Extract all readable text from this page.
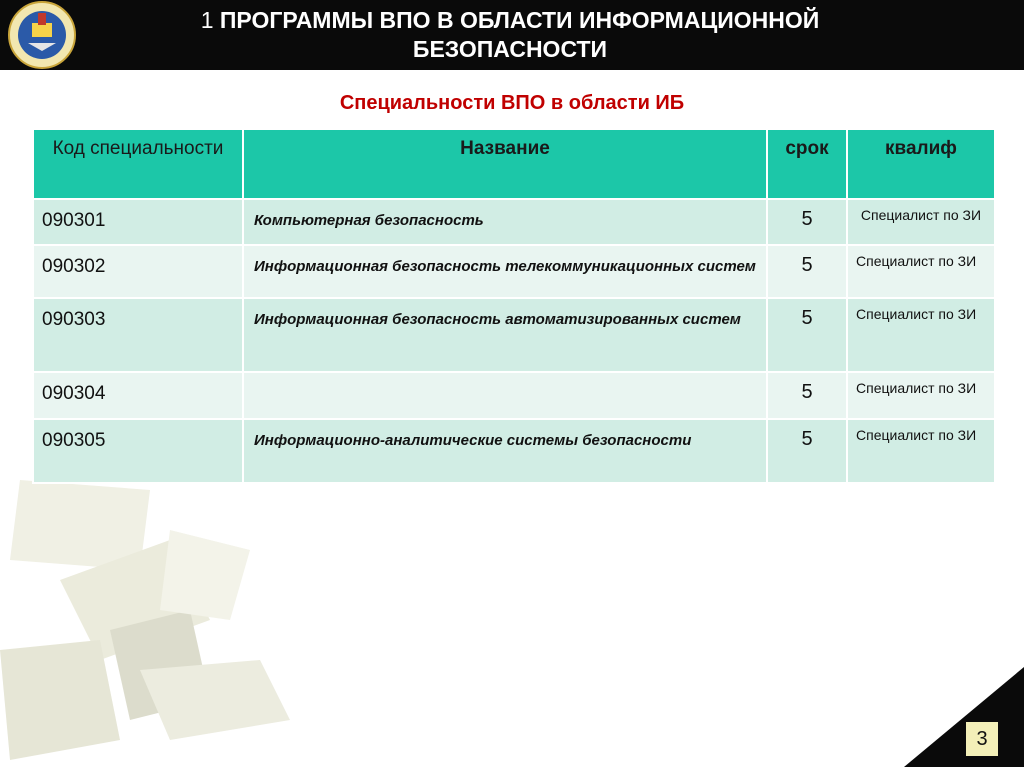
1 ПРОГРАММЫ ВПО В ОБЛАСТИ ИНФОРМАЦИОННОЙ
БЕЗОПАСНОСТИ
Специальности ВПО в области ИБ
Код специальности	Название	срок	квалиф
090301	Компьютерная безопасность	5	Специалист по ЗИ
090302	Информационная безопасность телекоммуникационных систем	5	Специалист по ЗИ
090303	Информационная безопасность автоматизированных систем	5	Специалист по ЗИ
090304		5	Специалист по ЗИ
090305	Информационно-аналитические системы безопасности	5	Специалист по ЗИ
3
